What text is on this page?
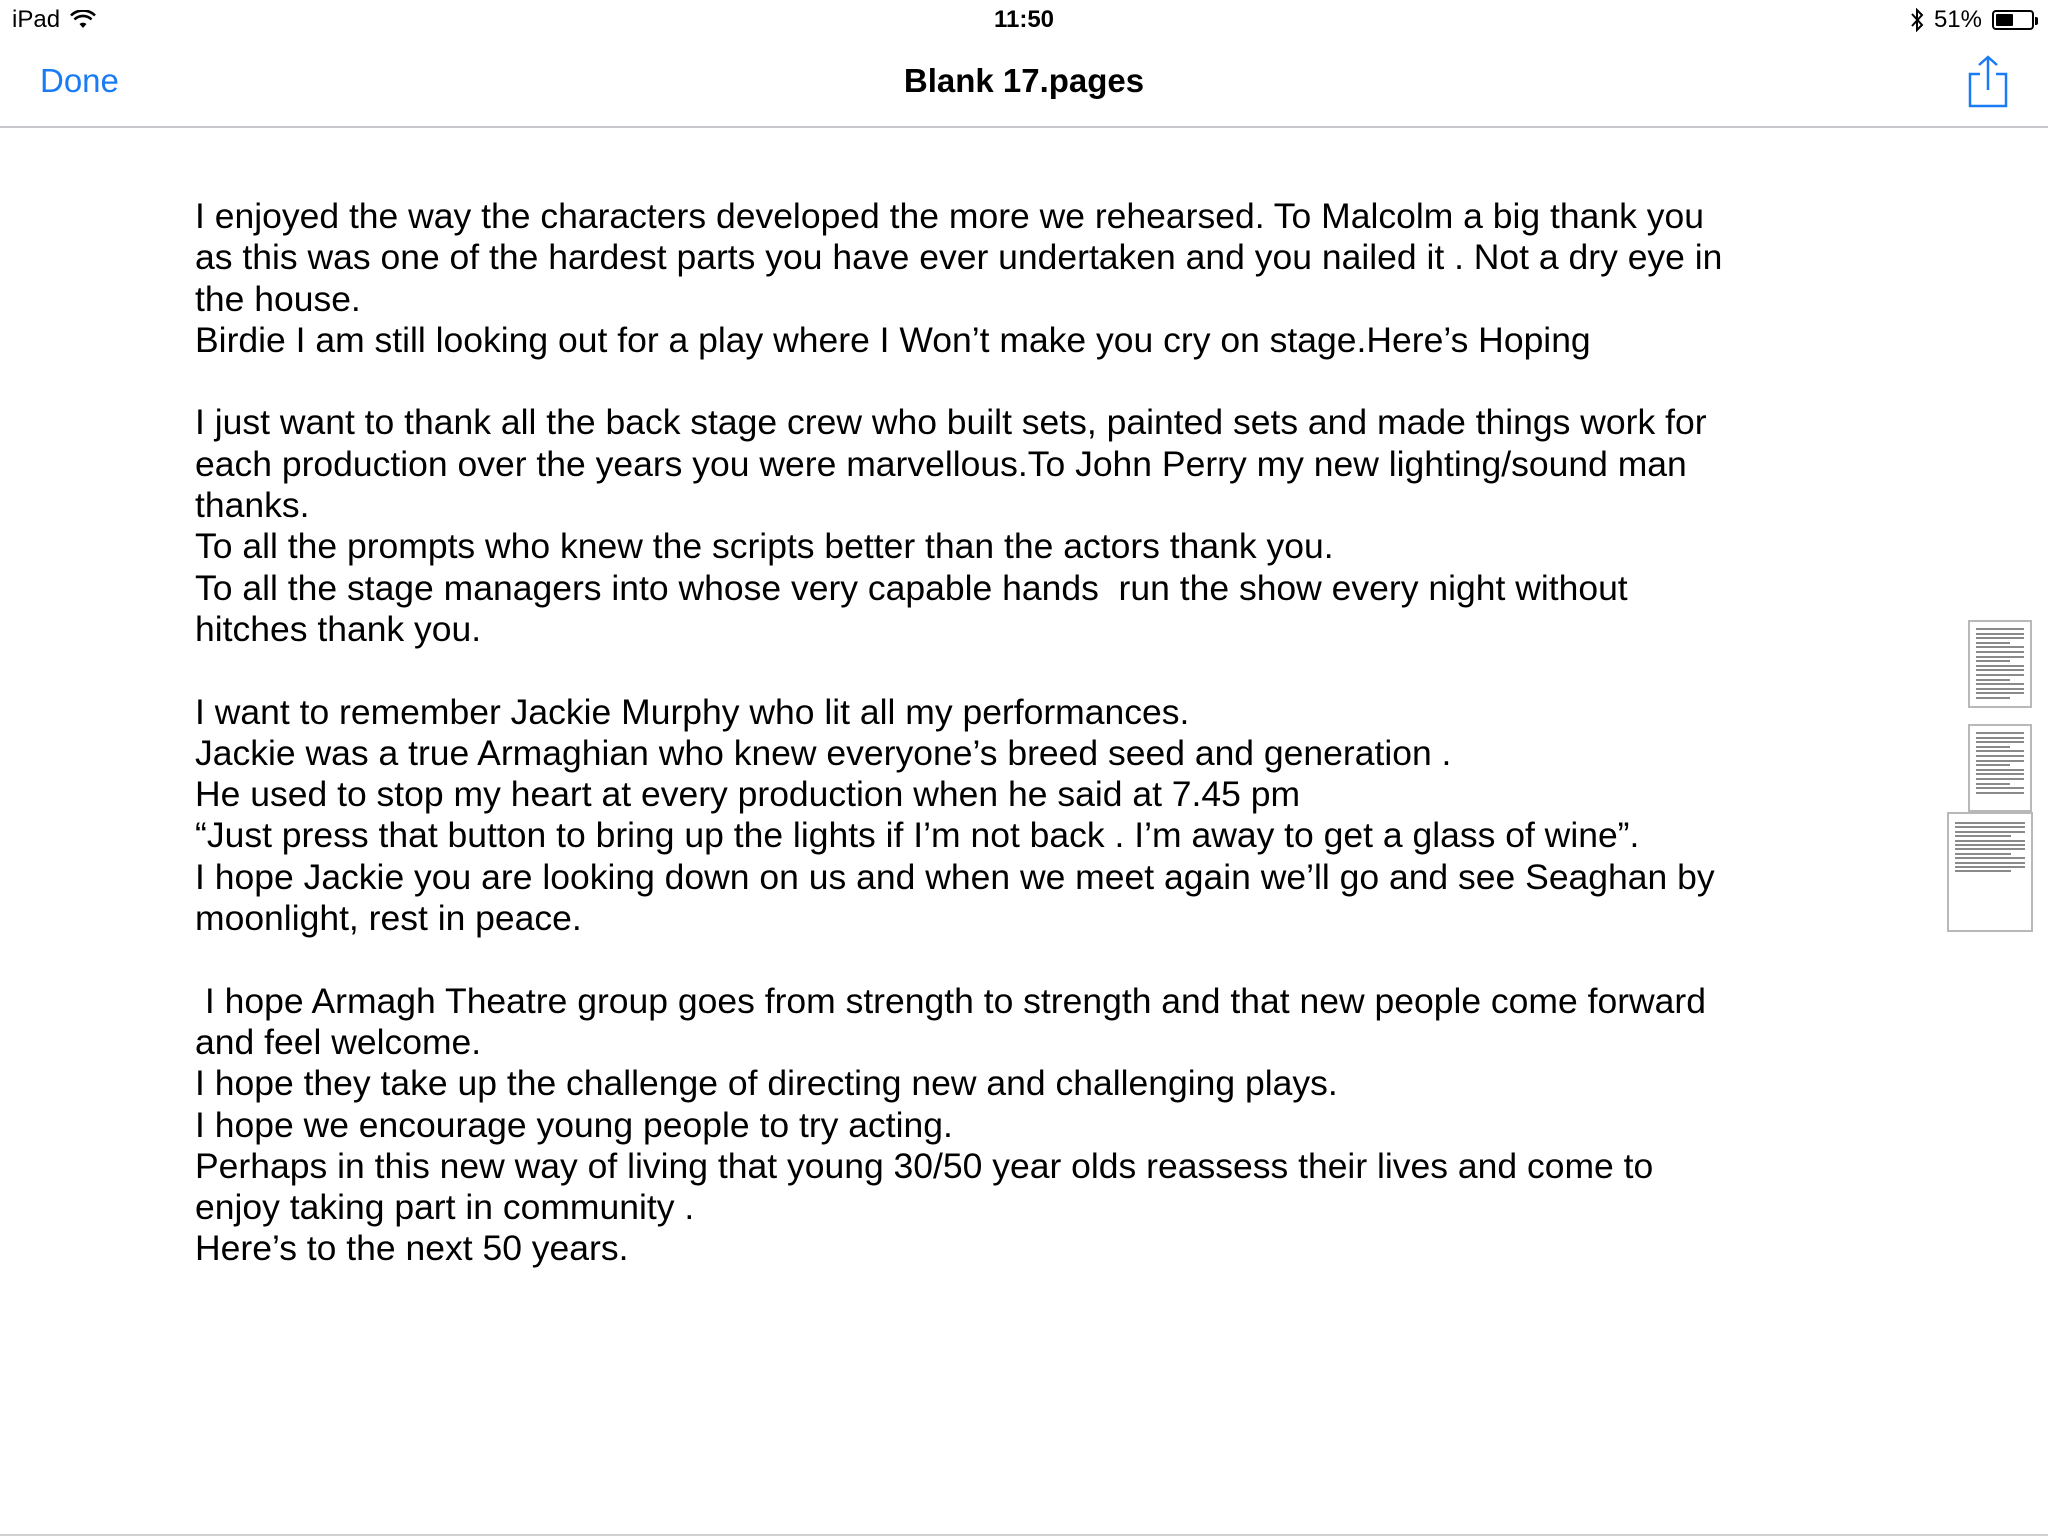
iPad	11:50	51%
Done	Blank 17.pages
I enjoyed the way the characters developed the more we rehearsed. To Malcolm a big thank you
as this was one of the hardest parts you have ever undertaken and you nailed it . Not a dry eye in
the house.
Birdie I am still looking out for a play where I Won’t make you cry on stage.Here’s Hoping
I just want to thank all the back stage crew who built sets, painted sets and made things work for
each production over the years you were marvellous.To John Perry my new lighting/sound man
thanks.
To all the prompts who knew the scripts better than the actors thank you.
To all the stage managers into whose very capable hands  run the show every night without
hitches thank you.
I want to remember Jackie Murphy who lit all my performances.
Jackie was a true Armaghian who knew everyone’s breed seed and generation .
He used to stop my heart at every production when he said at 7.45 pm
“Just press that button to bring up the lights if I’m not back . I’m away to get a glass of wine”.
I hope Jackie you are looking down on us and when we meet again we’ll go and see Seaghan by
moonlight, rest in peace.
I hope Armagh Theatre group goes from strength to strength and that new people come forward
and feel welcome.
I hope they take up the challenge of directing new and challenging plays.
I hope we encourage young people to try acting.
Perhaps in this new way of living that young 30/50 year olds reassess their lives and come to
enjoy taking part in community .
Here’s to the next 50 years.
